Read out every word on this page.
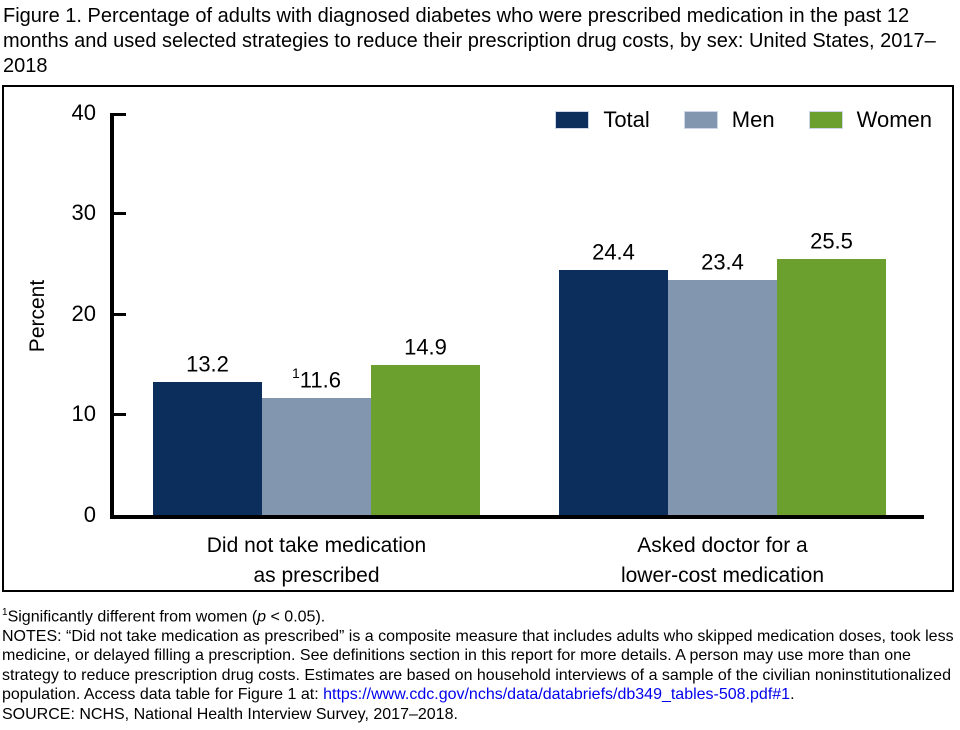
Figure 1. Percentage of adults with diagnosed diabetes who were prescribed medication in the past 12 months and used selected strategies to reduce their prescription drug costs, by sex: United States, 2017–2018
Total	Men	Women
Percent
40
30
20
10
0
13.2	$^1$11.6
14.9
24.4	23.4
25.5
Did not take medication
as prescribed
Asked doctor for a
lower-cost medication

$^1$Significantly different from women (p < 0.05).

NOTES: “Did not take medication as prescribed” is a composite measure that includes adults who skipped medication doses, took less medicine, or delayed filling a prescription. See definitions section in this report for more details. A person may use more than one strategy to reduce prescription drug costs. Estimates are based on household interviews of a sample of the civilian noninstitutionalized population. Access data table for Figure 1 at: https://www.cdc.gov/nchs/data/databriefs/db349_tables-508.pdf#1.

SOURCE: NCHS, National Health Interview Survey, 2017–2018.
